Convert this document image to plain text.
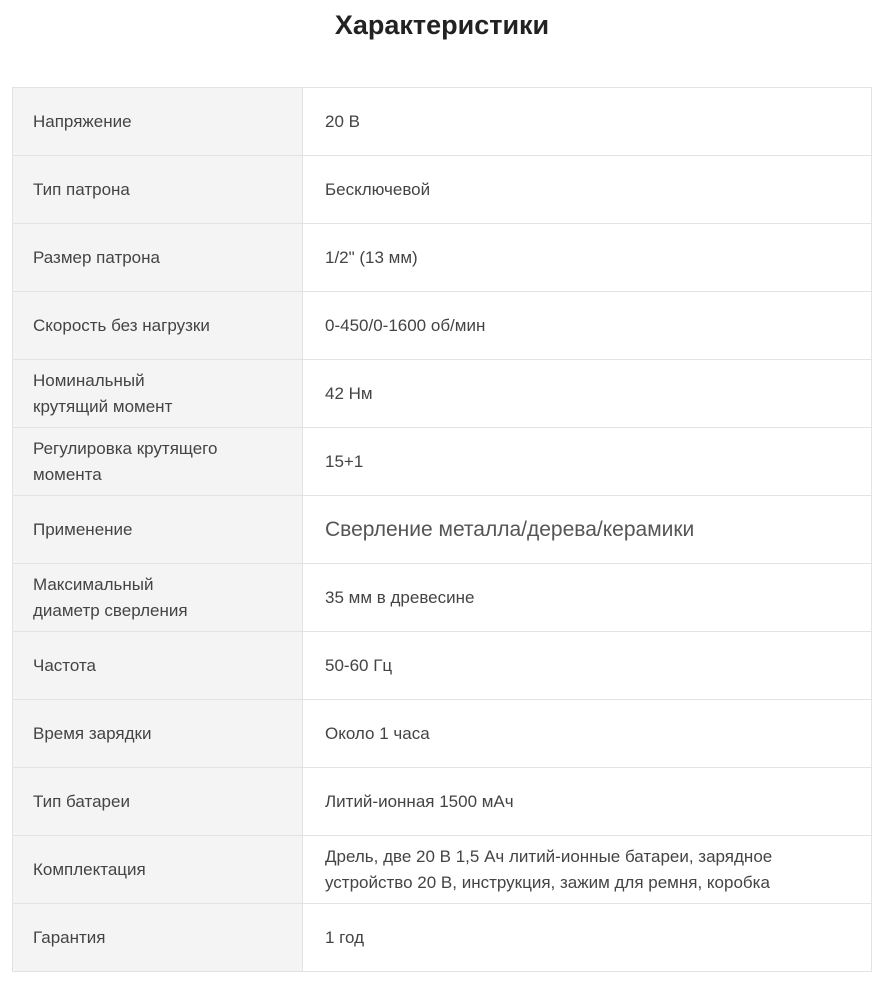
Характеристики
Напряжение	20 В
Тип патрона	Бесключевой
Размер патрона	1/2" (13 мм)
Скорость без нагрузки	0-450/0-1600 об/мин
Номинальный крутящий момент	42 Нм
Регулировка крутящего момента	15+1
Применение	Сверление металла/дерева/керамики
Максимальный диаметр сверления	35 мм в древесине
Частота	50-60 Гц
Время зарядки	Около 1 часа
Тип батареи	Литий-ионная 1500 мАч
Комплектация	Дрель, две 20 В 1,5 Ач литий-ионные батареи, зарядное устройство 20 В, инструкция, зажим для ремня, коробка
Гарантия	1 год
